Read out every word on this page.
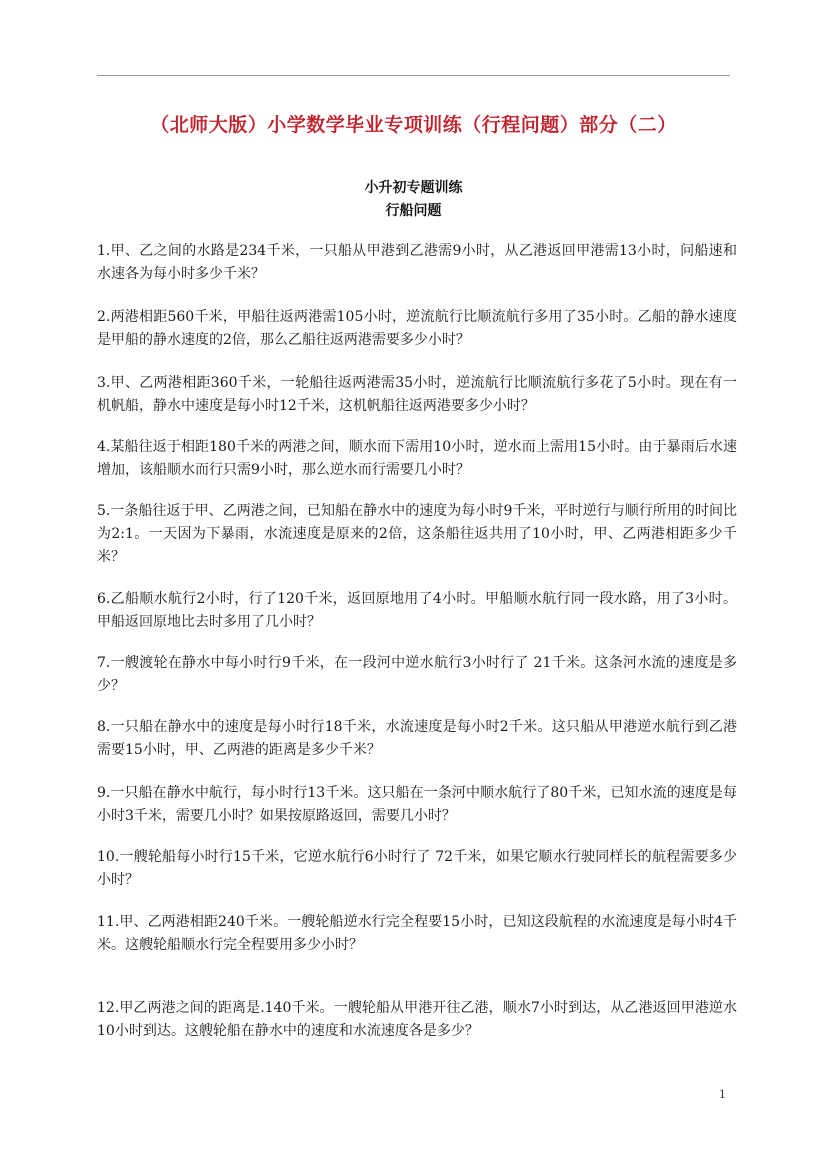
（北师大版）小学数学毕业专项训练（行程问题）部分（二）

小升初专题训练

行船问题

1.甲、乙之间的水路是234千米，一只船从甲港到乙港需9小时，从乙港返回甲港需13小时，问船速和水速各为每小时多少千米？

2.两港相距560千米，甲船往返两港需105小时，逆流航行比顺流航行多用了35小时。乙船的静水速度是甲船的静水速度的2倍，那么乙船往返两港需要多少小时？

3.甲、乙两港相距360千米，一轮船往返两港需35小时，逆流航行比顺流航行多花了5小时。现在有一机帆船，静水中速度是每小时12千米，这机帆船往返两港要多少小时？

4.某船往返于相距180千米的两港之间，顺水而下需用10小时，逆水而上需用15小时。由于暴雨后水速增加，该船顺水而行只需9小时，那么逆水而行需要几小时？

5.一条船往返于甲、乙两港之间，已知船在静水中的速度为每小时9千米，平时逆行与顺行所用的时间比为2:1。一天因为下暴雨，水流速度是原来的2倍，这条船往返共用了10小时，甲、乙两港相距多少千米？

6.乙船顺水航行2小时，行了120千米，返回原地用了4小时。甲船顺水航行同一段水路，用了3小时。甲船返回原地比去时多用了几小时？

7.一艘渡轮在静水中每小时行9千米，在一段河中逆水航行3小时行了 21千米。这条河水流的速度是多少？

8.一只船在静水中的速度是每小时行18千米，水流速度是每小时2千米。这只船从甲港逆水航行到乙港需要15小时，甲、乙两港的距离是多少千米？

9.一只船在静水中航行，每小时行13千米。这只船在一条河中顺水航行了80千米，已知水流的速度是每小时3千米，需要几小时？如果按原路返回，需要几小时？

10.一艘轮船每小时行15千米，它逆水航行6小时行了 72千米，如果它顺水行驶同样长的航程需要多少小时？

11.甲、乙两港相距240千米。一艘轮船逆水行完全程要15小时，已知这段航程的水流速度是每小时4千米。这艘轮船顺水行完全程要用多少小时？

12.甲乙两港之间的距离是.140千米。一艘轮船从甲港开往乙港，顺水7小时到达，从乙港返回甲港逆水10小时到达。这艘轮船在静水中的速度和水流速度各是多少？

1
